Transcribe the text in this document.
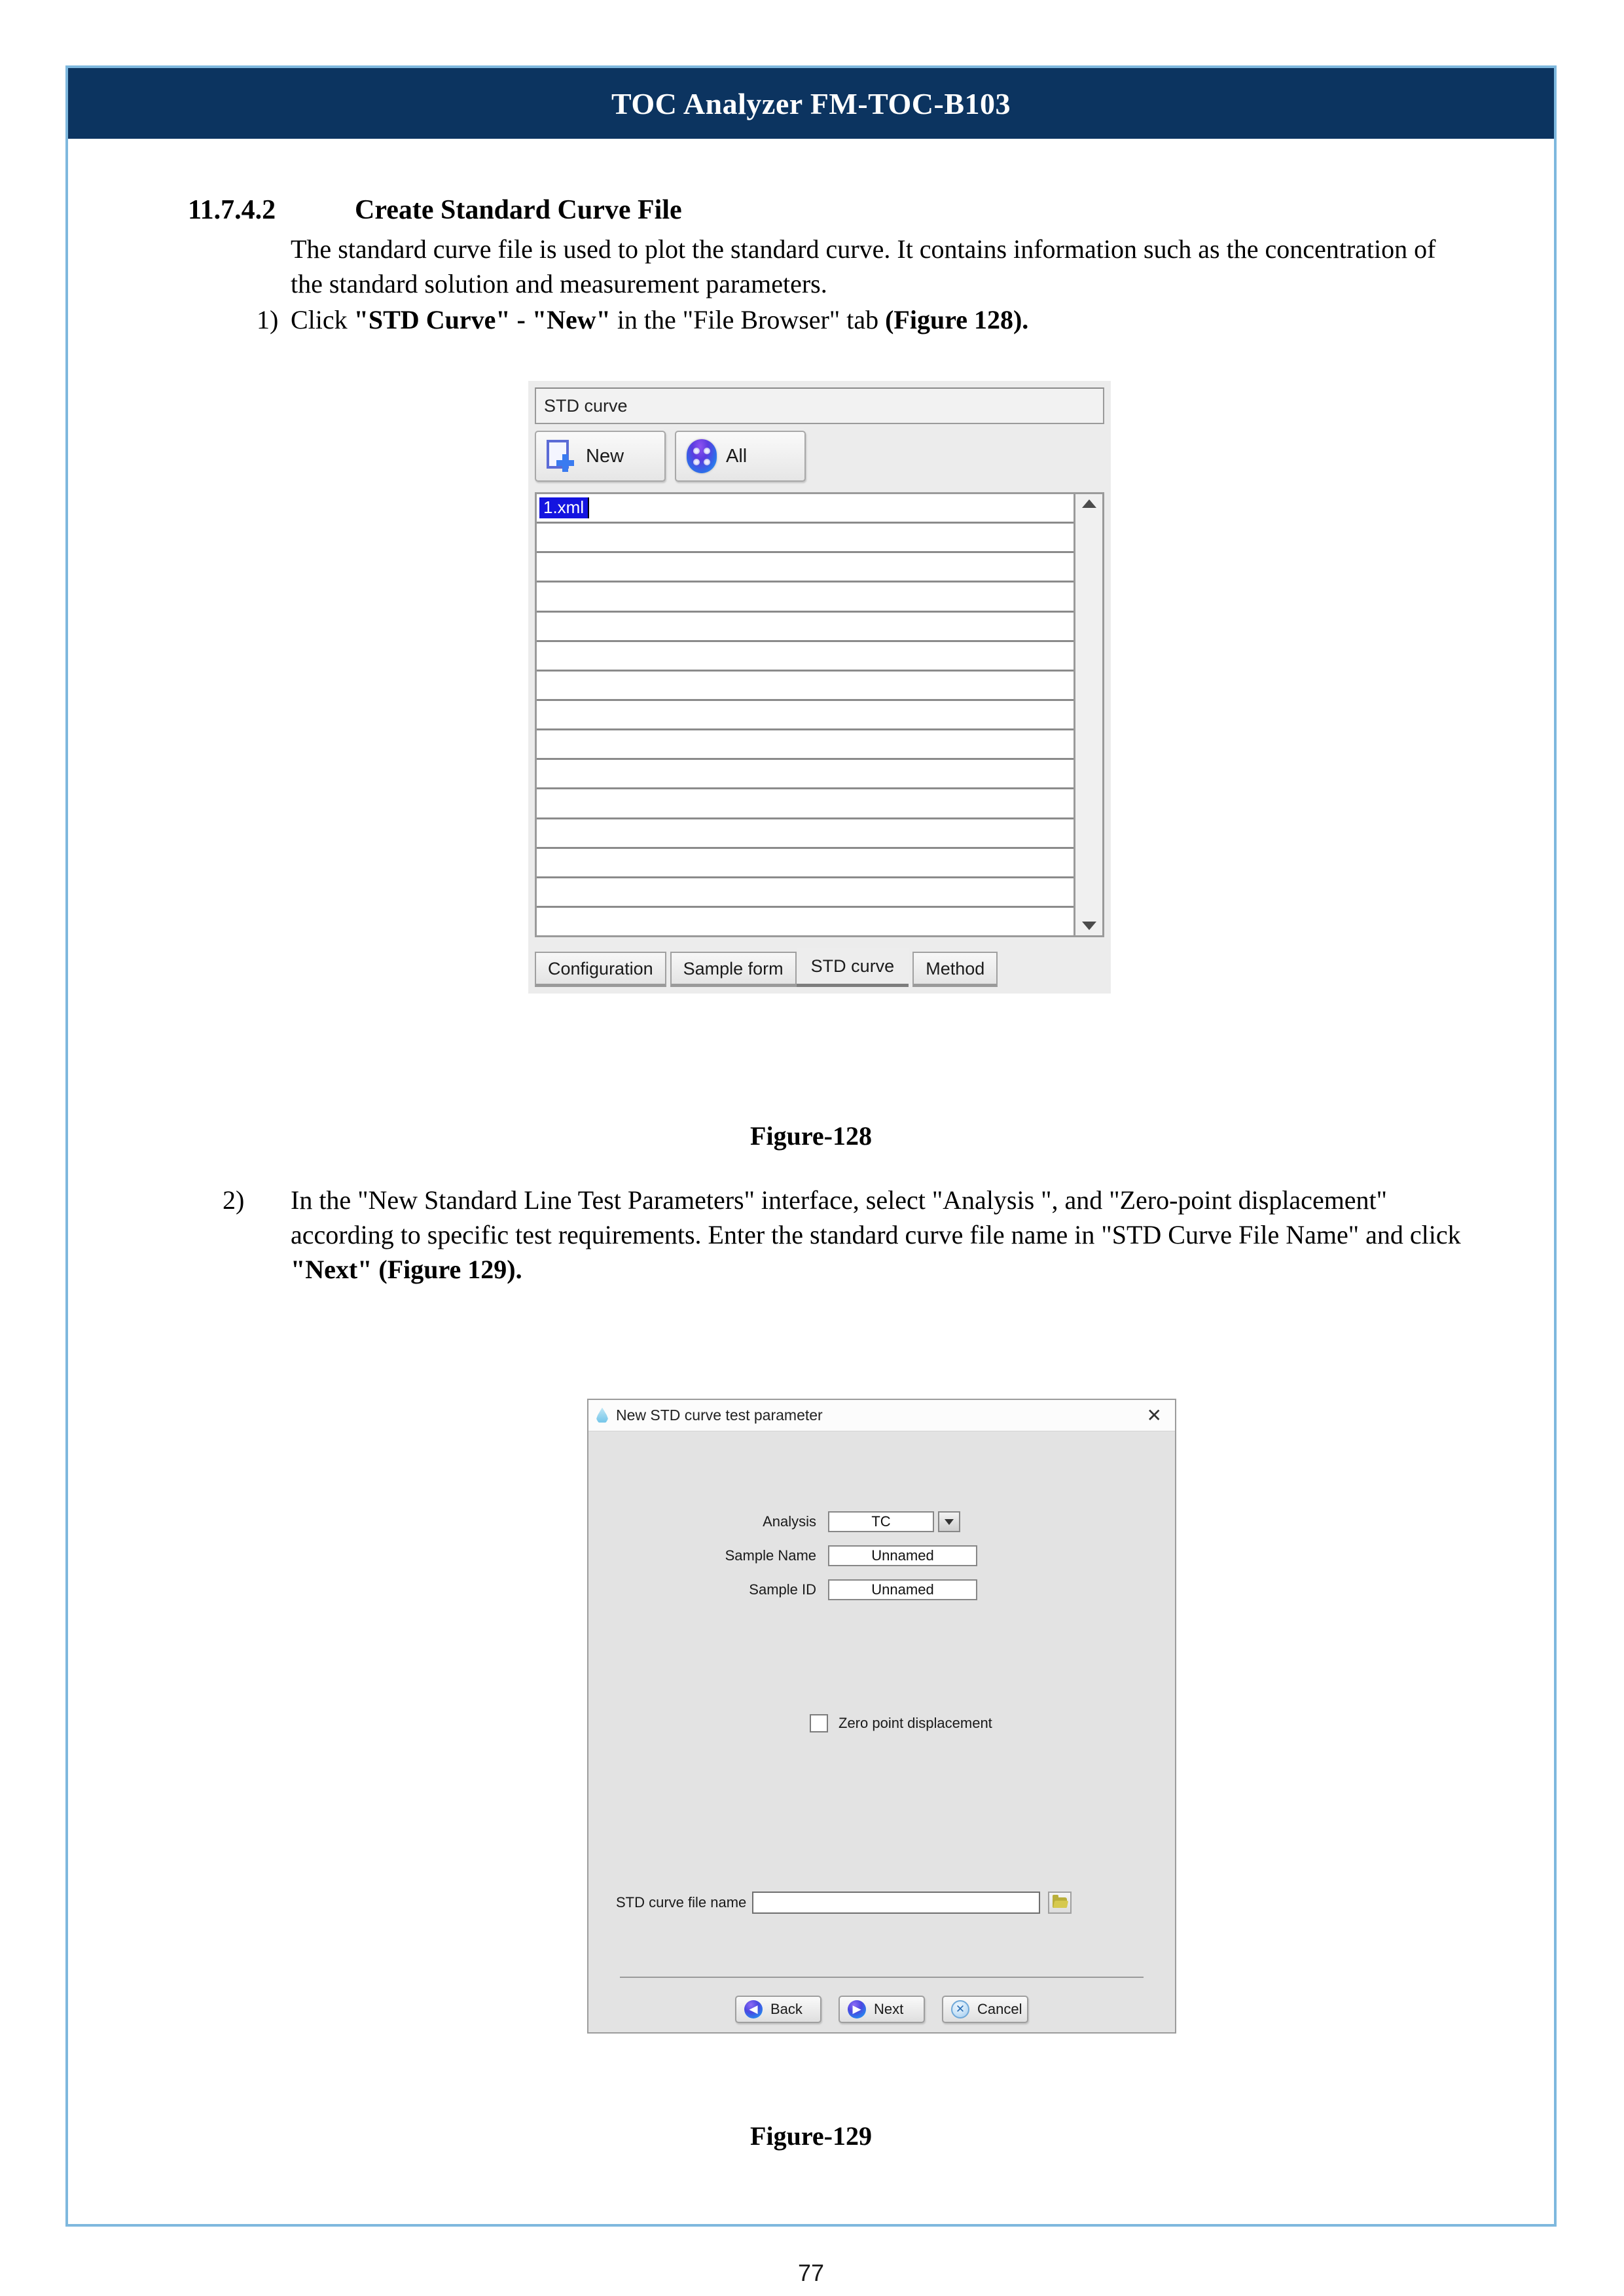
TOC Analyzer FM-TOC-B103
11.7.4.2	Create Standard Curve File
The standard curve file is used to plot the standard curve. It contains information such as the concentration of the standard solution and measurement parameters.
1) Click "STD Curve" - "New" in the "File Browser" tab (Figure 128).
STD curve
New	All
1.xml
Configuration Sample form STD curve Method
Figure-128
2) In the "New Standard Line Test Parameters" interface, select "Analysis ", and "Zero-point displacement" according to specific test requirements. Enter the standard curve file name in "STD Curve File Name" and click "Next" (Figure 129).
New STD curve test parameter	✕
Analysis	TC
Sample Name	Unnamed
Sample ID	Unnamed
Zero point displacement
STD curve file name
◀ Back	▶ Next	✕ Cancel
Figure-129
77
